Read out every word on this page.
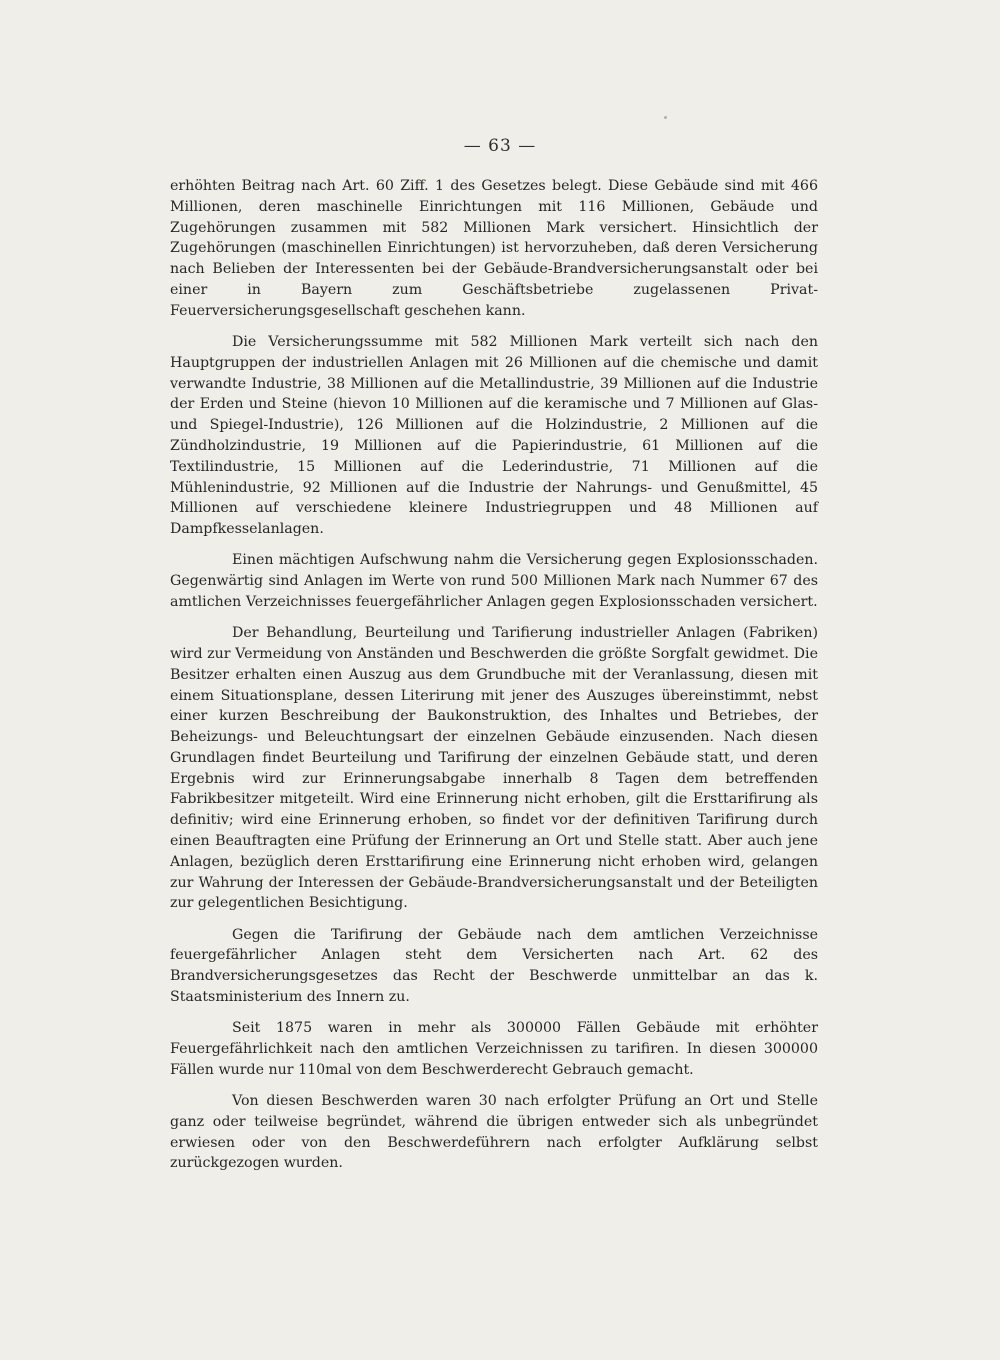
— 63 —

erhöhten Beitrag nach Art. 60 Ziff. 1 des Gesetzes belegt. Diese Gebäude sind mit 466 Millionen, deren maschinelle Einrichtungen mit 116 Millionen, Gebäude und Zugehörungen zusammen mit 582 Millionen Mark versichert. Hinsichtlich der Zugehörungen (maschinellen Einrichtungen) ist hervorzuheben, daß deren Versicherung nach Belieben der Interessenten bei der Gebäude-Brandversicherungsanstalt oder bei einer in Bayern zum Geschäftsbetriebe zugelassenen Privat-Feuerversicherungsgesellschaft geschehen kann.

Die Versicherungssumme mit 582 Millionen Mark verteilt sich nach den Hauptgruppen der industriellen Anlagen mit 26 Millionen auf die chemische und damit verwandte Industrie, 38 Millionen auf die Metallindustrie, 39 Millionen auf die Industrie der Erden und Steine (hievon 10 Millionen auf die keramische und 7 Millionen auf Glas- und Spiegel-Industrie), 126 Millionen auf die Holzindustrie, 2 Millionen auf die Zündholzindustrie, 19 Millionen auf die Papierindustrie, 61 Millionen auf die Textilindustrie, 15 Millionen auf die Lederindustrie, 71 Millionen auf die Mühlenindustrie, 92 Millionen auf die Industrie der Nahrungs- und Genußmittel, 45 Millionen auf verschiedene kleinere Industriegruppen und 48 Millionen auf Dampfkesselanlagen.

Einen mächtigen Aufschwung nahm die Versicherung gegen Explosionsschaden. Gegenwärtig sind Anlagen im Werte von rund 500 Millionen Mark nach Nummer 67 des amtlichen Verzeichnisses feuergefährlicher Anlagen gegen Explosionsschaden versichert.

Der Behandlung, Beurteilung und Tarifierung industrieller Anlagen (Fabriken) wird zur Vermeidung von Anständen und Beschwerden die größte Sorgfalt gewidmet. Die Besitzer erhalten einen Auszug aus dem Grundbuche mit der Veranlassung, diesen mit einem Situationsplane, dessen Literirung mit jener des Auszuges übereinstimmt, nebst einer kurzen Beschreibung der Baukonstruktion, des Inhaltes und Betriebes, der Beheizungs- und Beleuchtungsart der einzelnen Gebäude einzusenden. Nach diesen Grundlagen findet Beurteilung und Tarifirung der einzelnen Gebäude statt, und deren Ergebnis wird zur Erinnerungsabgabe innerhalb 8 Tagen dem betreffenden Fabrikbesitzer mitgeteilt. Wird eine Erinnerung nicht erhoben, gilt die Ersttarifirung als definitiv; wird eine Erinnerung erhoben, so findet vor der definitiven Tarifirung durch einen Beauftragten eine Prüfung der Erinnerung an Ort und Stelle statt. Aber auch jene Anlagen, bezüglich deren Ersttarifirung eine Erinnerung nicht erhoben wird, gelangen zur Wahrung der Interessen der Gebäude-Brandversicherungsanstalt und der Beteiligten zur gelegentlichen Besichtigung.

Gegen die Tarifirung der Gebäude nach dem amtlichen Verzeichnisse feuergefährlicher Anlagen steht dem Versicherten nach Art. 62 des Brandversicherungsgesetzes das Recht der Beschwerde unmittelbar an das k. Staatsministerium des Innern zu.

Seit 1875 waren in mehr als 300000 Fällen Gebäude mit erhöhter Feuergefährlichkeit nach den amtlichen Verzeichnissen zu tarifiren. In diesen 300000 Fällen wurde nur 110mal von dem Beschwerderecht Gebrauch gemacht.

Von diesen Beschwerden waren 30 nach erfolgter Prüfung an Ort und Stelle ganz oder teilweise begründet, während die übrigen entweder sich als unbegründet erwiesen oder von den Beschwerdeführern nach erfolgter Aufklärung selbst zurückgezogen wurden.
